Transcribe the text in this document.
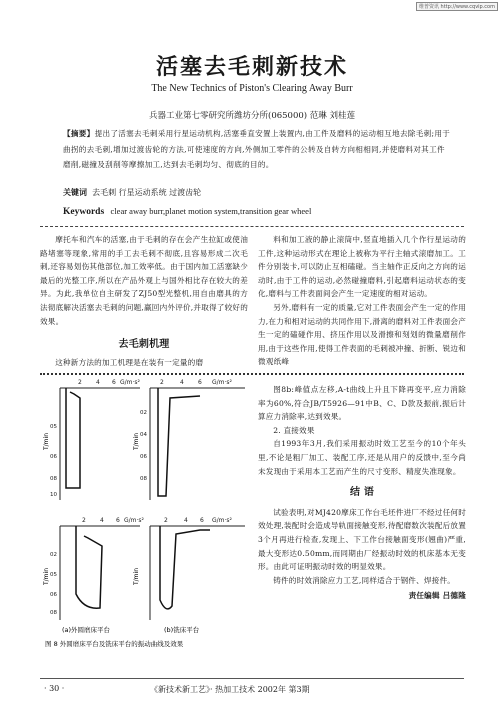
维普资讯 http://www.cqvip.com
活塞去毛刺新技术
The New Technics of Piston's Clearing Away Burr
兵器工业第七零研究所潍坊分所(065000) 范琳 刘桂莲
【摘要】提出了活塞去毛刺采用行星运动机构,活塞垂直安置上装置内,由工件及磨料的运动相互地去除毛刺;用于曲拐的去毛刺,增加过渡齿轮的方法,可使速度的方向,外侧加工零件的公转及自转方向相相同,并使磨料对其工件磨削,磁撞及刮削等摩擦加工,达到去毛刺均匀、彻底的目的。
关键词 去毛刺 行星运动系统 过渡齿轮
Keywords clear away burr,planet motion system,transition gear wheel

摩托车和汽车的活塞,由于毛刺的存在会产生拉缸或使油路堵塞等现象,常用的手工去毛刺不彻底,且容易形成二次毛刺,还容易划伤其他部位,加工效率低。由于国内加工活塞缺少最后的光整工序,所以在产品外观上与国外相比存在较大的差异。为此,我单位自主研发了ZJ50型光整机,用自由磨具的方法彻底解决活塞去毛刺的问题,赢回内外评价,并取得了较好的效果。

去毛刺机理

这种新方法的加工机理是在装有一定量的磨

2 4 6 G/m·s²
T/min
05
06
08
10
2	4 6 G/m·s²
T/min
02
04
06
08
2 4 6 G/m·s²
T/min
02
05
06
08
2	4 6 G/m·s²
T/min
(a)外圆磨床平台	(b)铣床平台
图 8 外圆磨床平台及铣床平台的振动曲线及效果

料和加工液的静止滚筒中,竖直地插入几个作行星运动的工件,这种运动形式在理论上被称为平行主轴式滚磨加工。工件分别装卡,可以防止互相磕碰。当主轴作正反向之方向的运动时,由于工件的运动,必然碰撞磨料,引起磨料运动状态的变化,磨料与工件表面间会产生一定速度的相对运动。

另外,磨料有一定的质量,它对工件表面会产生一定的作用力,在力和相对运动的共同作用下,滑离的磨料对工件表面会产生一定的磕碰作用、挤压作用以及滑擦和刻划的微量磨削作用,由于这些作用,使得工件表面的毛刺被冲撞、折断、锐边和微观纸峰

图8b:峰值点左移,A-t曲线上升且下降再变平,应力消除率为60%,符合JB/T5926—91中B、C、D款及振前,振后计算应力消除率,达到效果。

2. 直接效果

自1993年3月,我们采用振动时效工艺至今的10个年头里,不论是粗厂加工、装配工序,还是从用户的反馈中,至今尚未发现由于采用本工艺而产生的尺寸变形、精度失准现象。

结 语

试验表明,对MJ420摩床工作台毛坯件进厂不经过任何时效处理,装配时会造成导轨面接触变形,待配磨数次装配后放置3个月再进行检查,发现上、下工作台接触面变形(翘曲)严重,最大变形达0.50mm,而同期由厂经振动时效的机床基本无变形。由此可证明振动时效的明显效果。

铸件的时效消除应力工艺,同样适合于钢件、焊接件。

责任编辑 吕德隆
· 30 ·	《新技术新工艺》· 热加工技术 2002年 第3期
